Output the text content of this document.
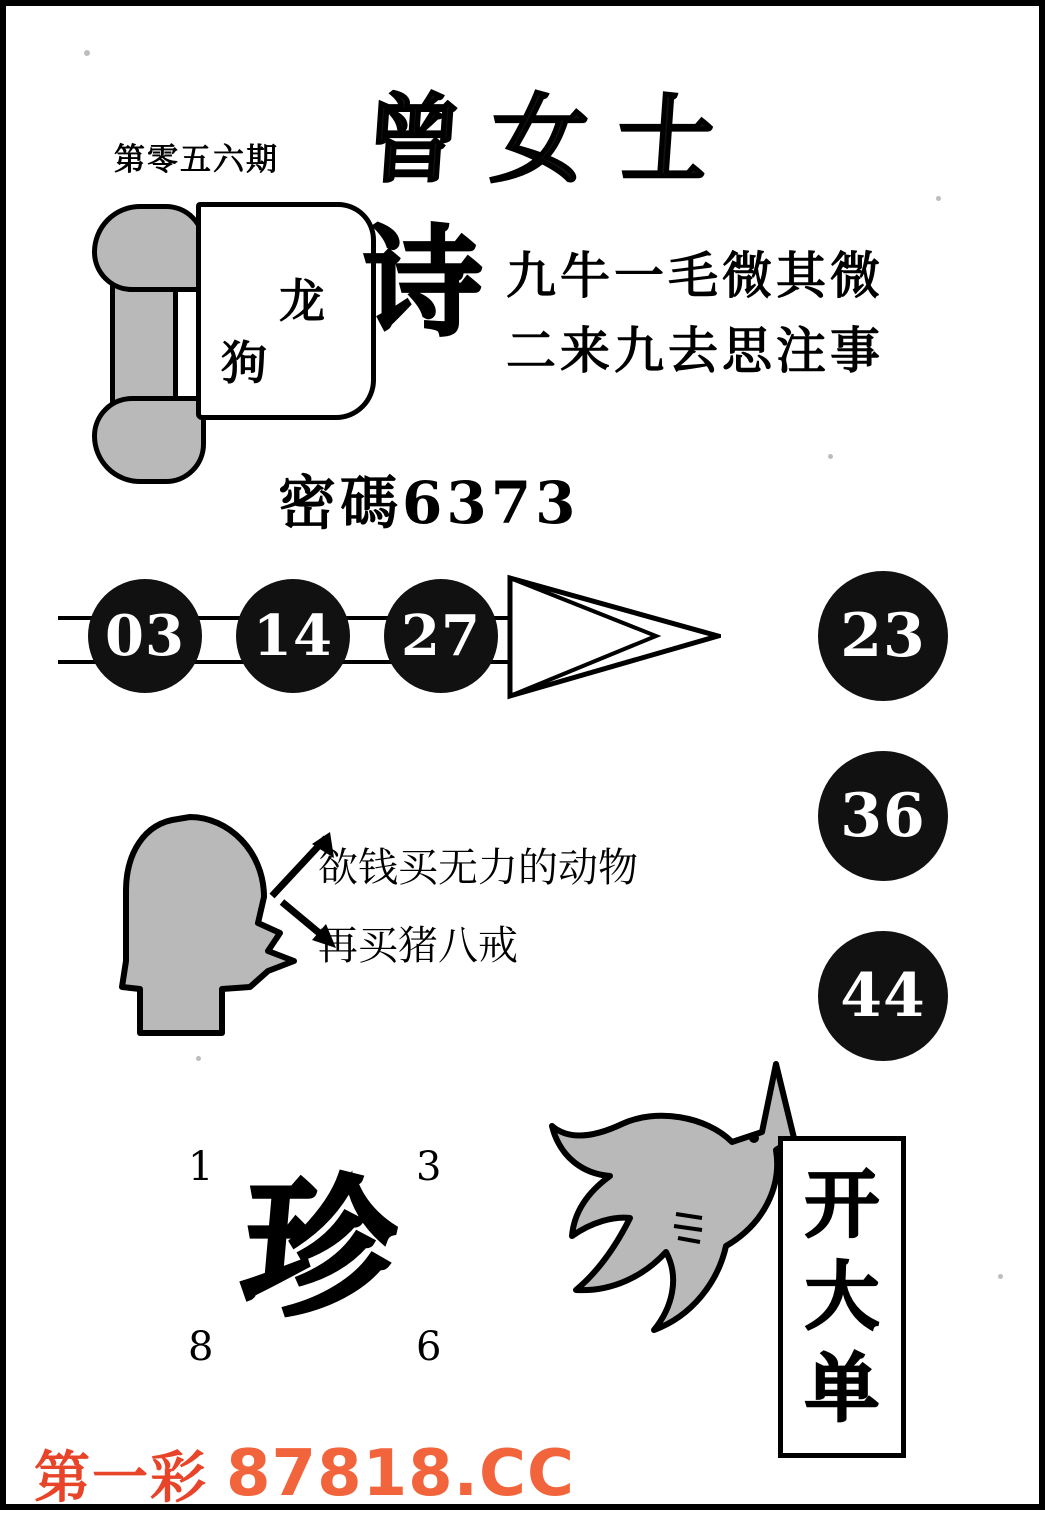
第零五六期 曾女士
龙
狗
诗 九牛一毛微其微
二来九去思注事
密碼6373
03	14	27	23
36
44
欲钱买无力的动物
再买猪八戒
1	3
8	6
珍	开
大
单
第一彩 87818.CC
